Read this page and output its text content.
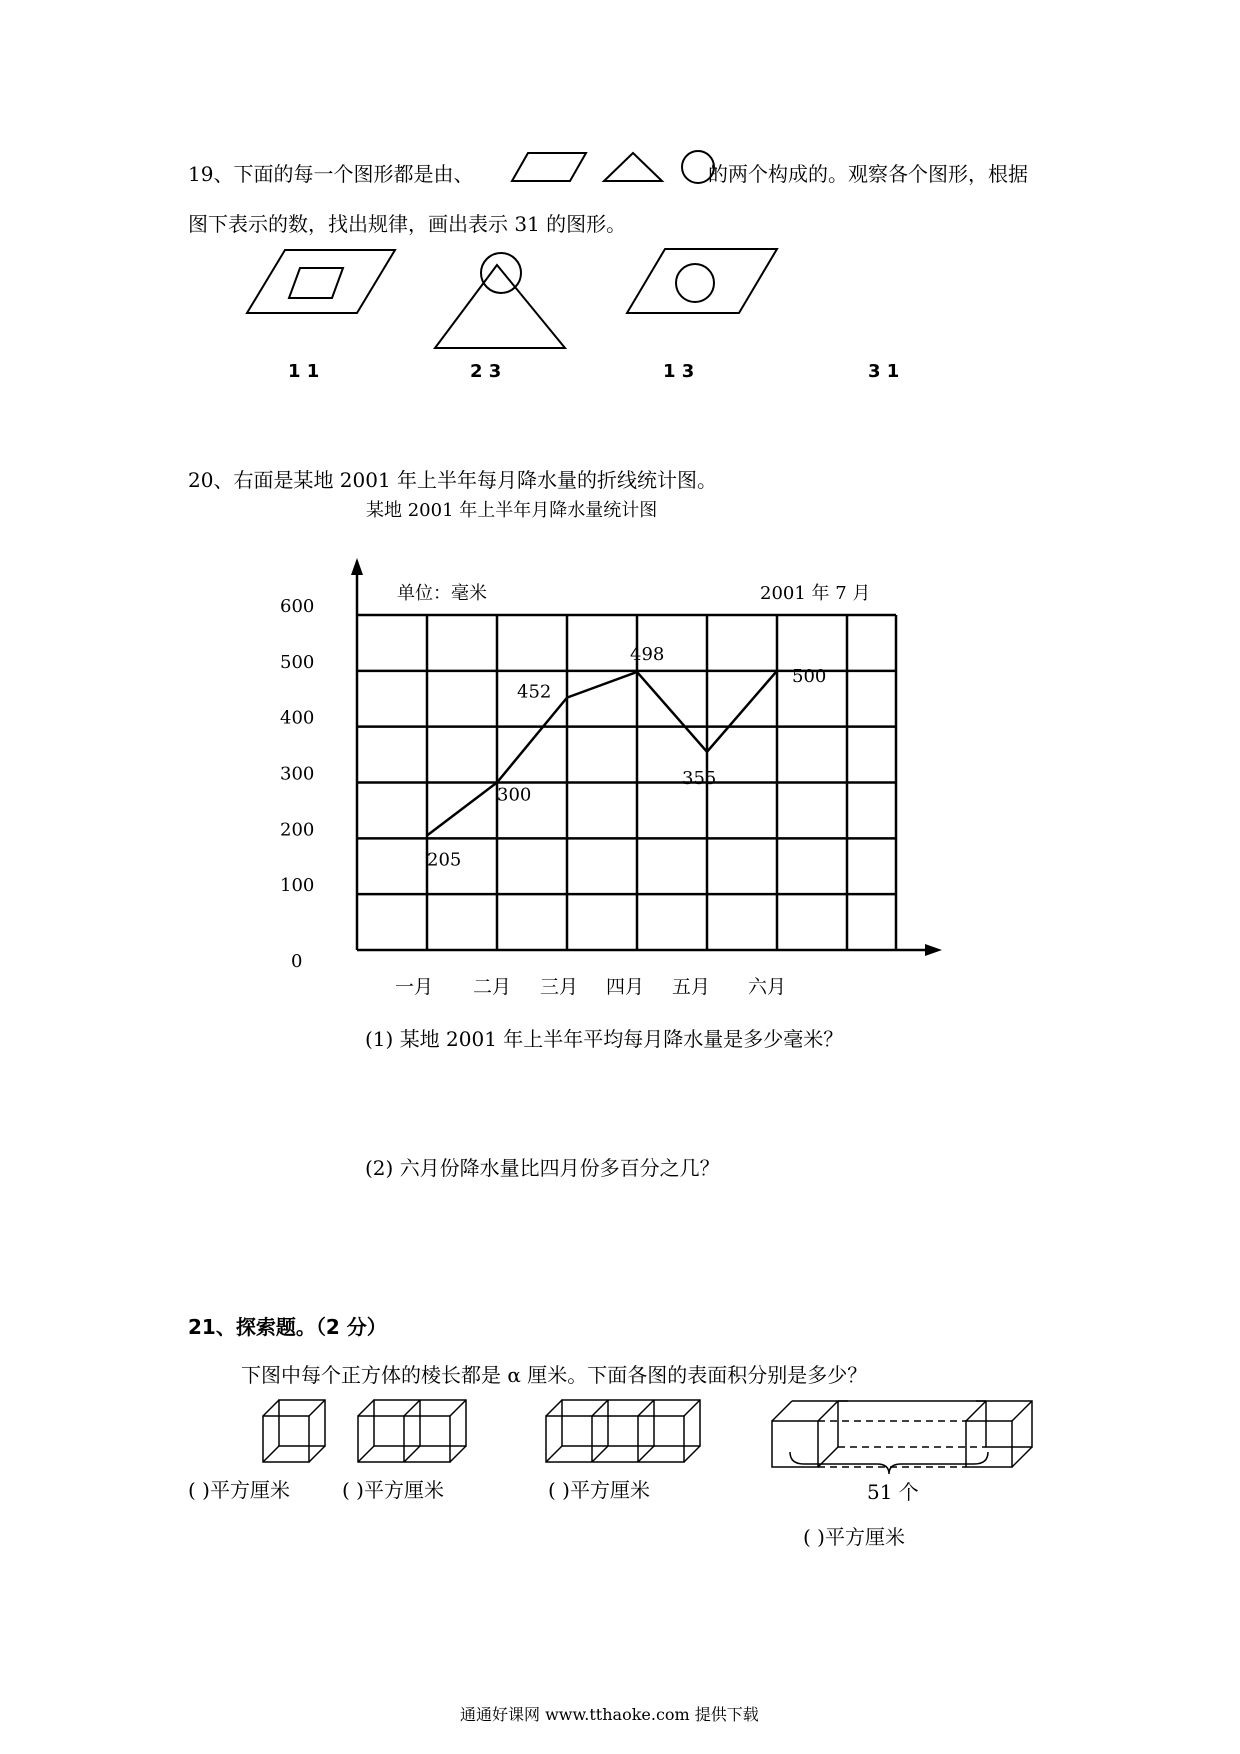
19、下面的每一个图形都是由、	的两个构成的。观察各个图形，根据
图下表示的数，找出规律，画出表示 31 的图形。
1 1	2 3	1 3	3 1
20、右面是某地 2001 年上半年每月降水量的折线统计图。
某地 2001 年上半年月降水量统计图
0
100
200
300
400
500
600
一月 二月 三月 四月 五月 六月
205
300
452
498
355
500
单位：毫米	2001 年 7 月
(1) 某地 2001 年上半年平均每月降水量是多少毫米？
(2) 六月份降水量比四月份多百分之几？
21、探索题。（2 分）
下图中每个正方体的棱长都是 α 厘米。下面各图的表面积分别是多少？
( )平方厘米	( )平方厘米	( )平方厘米	51 个
( )平方厘米
通通好课网 www.tthaoke.com 提供下载
